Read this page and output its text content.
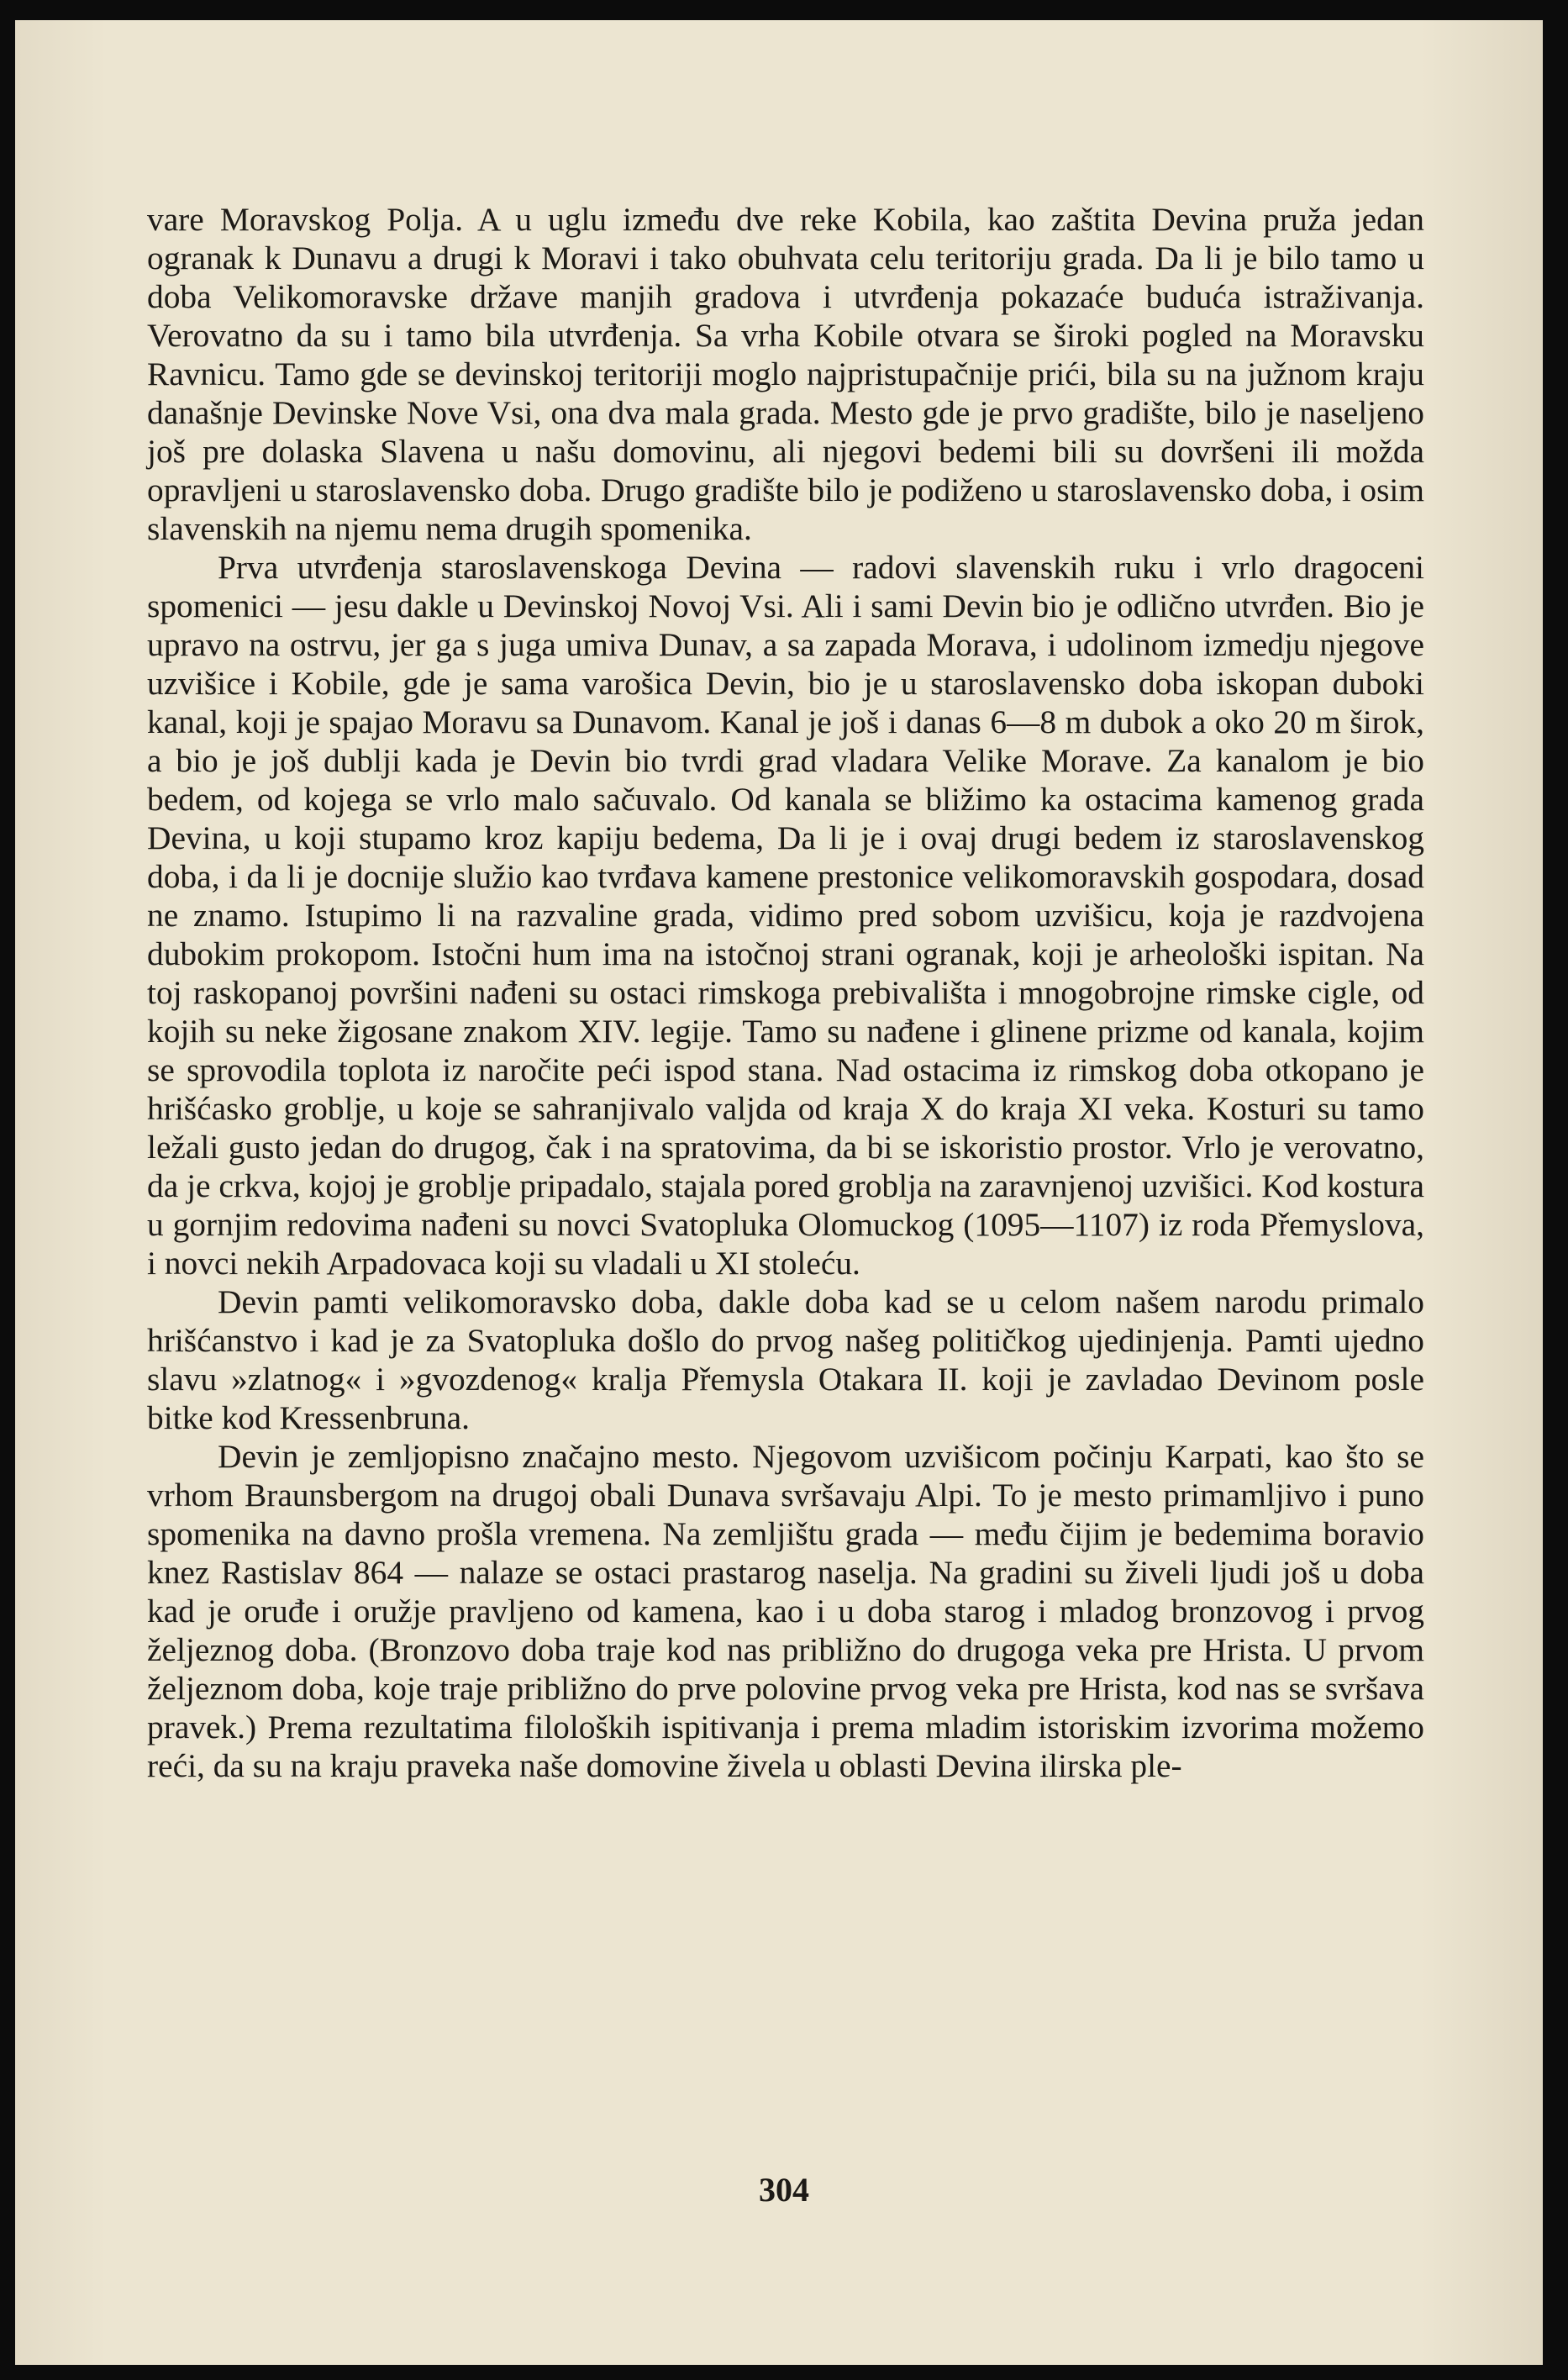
vare Moravskog Polja. A u uglu između dve reke Kobila, kao zaštita Devina pruža jedan ogranak k Dunavu a drugi k Moravi i tako obuhvata celu teritoriju grada. Da li je bilo tamo u doba Velikomoravske države manjih gradova i utvrđenja pokazaće buduća istraživanja. Verovatno da su i tamo bila utvrđenja. Sa vrha Kobile otvara se široki pogled na Moravsku Ravnicu. Tamo gde se devinskoj teritoriji moglo najpristupačnije prići, bila su na južnom kraju današnje Devinske Nove Vsi, ona dva mala grada. Mesto gde je prvo gradište, bilo je naseljeno još pre dolaska Slavena u našu domovinu, ali njegovi bedemi bili su dovršeni ili možda opravljeni u staroslavensko doba. Drugo gradište bilo je podiženo u staroslavensko doba, i osim slavenskih na njemu nema drugih spomenika.

Prva utvrđenja staroslavenskoga Devina — radovi slavenskih ruku i vrlo dragoceni spomenici — jesu dakle u Devinskoj Novoj Vsi. Ali i sami Devin bio je odlično utvrđen. Bio je upravo na ostrvu, jer ga s juga umiva Dunav, a sa zapada Morava, i udolinom izmedju njegove uzvišice i Kobile, gde je sama varošica Devin, bio je u staroslavensko doba iskopan duboki kanal, koji je spajao Moravu sa Dunavom. Kanal je još i danas 6—8 m dubok a oko 20 m širok, a bio je još dublji kada je Devin bio tvrdi grad vladara Velike Morave. Za kanalom je bio bedem, od kojega se vrlo malo sačuvalo. Od kanala se bližimo ka ostacima kamenog grada Devina, u koji stupamo kroz kapiju bedema, Da li je i ovaj drugi bedem iz staroslavenskog doba, i da li je docnije služio kao tvrđava kamene prestonice velikomoravskih gospodara, dosad ne znamo. Istupimo li na razvaline grada, vidimo pred sobom uzvišicu, koja je razdvojena dubokim prokopom. Istočni hum ima na istočnoj strani ogranak, koji je arheološki ispitan. Na toj raskopanoj površini nađeni su ostaci rimskoga prebivališta i mnogobrojne rimske cigle, od kojih su neke žigosane znakom XIV. legije. Tamo su nađene i glinene prizme od kanala, kojim se sprovodila toplota iz naročite peći ispod stana. Nad ostacima iz rimskog doba otkopano je hrišćasko groblje, u koje se sahranjivalo valjda od kraja X do kraja XI veka. Kosturi su tamo ležali gusto jedan do drugog, čak i na spratovima, da bi se iskoristio prostor. Vrlo je verovatno, da je crkva, kojoj je groblje pripadalo, stajala pored groblja na zaravnjenoj uzvišici. Kod kostura u gornjim redovima nađeni su novci Svatopluka Olomuckog (1095—1107) iz roda Přemyslova, i novci nekih Arpadovaca koji su vladali u XI stoleću.

Devin pamti velikomoravsko doba, dakle doba kad se u celom našem narodu primalo hrišćanstvo i kad je za Svatopluka došlo do prvog našeg političkog ujedinjenja. Pamti ujedno slavu »zlatnog« i »gvozdenog« kralja Přemysla Otakara II. koji je zavladao Devinom posle bitke kod Kressenbruna.

Devin je zemljopisno značajno mesto. Njegovom uzvišicom počinju Karpati, kao što se vrhom Braunsbergom na drugoj obali Dunava svršavaju Alpi. To je mesto primamljivo i puno spomenika na davno prošla vremena. Na zemljištu grada — među čijim je bedemima boravio knez Rastislav 864 — nalaze se ostaci prastarog naselja. Na gradini su živeli ljudi još u doba kad je oruđe i oružje pravljeno od kamena, kao i u doba starog i mladog bronzovog i prvog željeznog doba. (Bronzovo doba traje kod nas približno do drugoga veka pre Hrista. U prvom željeznom doba, koje traje približno do prve polovine prvog veka pre Hrista, kod nas se svršava pravek.) Prema rezultatima filoloških ispitivanja i prema mladim istoriskim izvorima možemo reći, da su na kraju praveka naše domovine živela u oblasti Devina ilirska ple-

304
